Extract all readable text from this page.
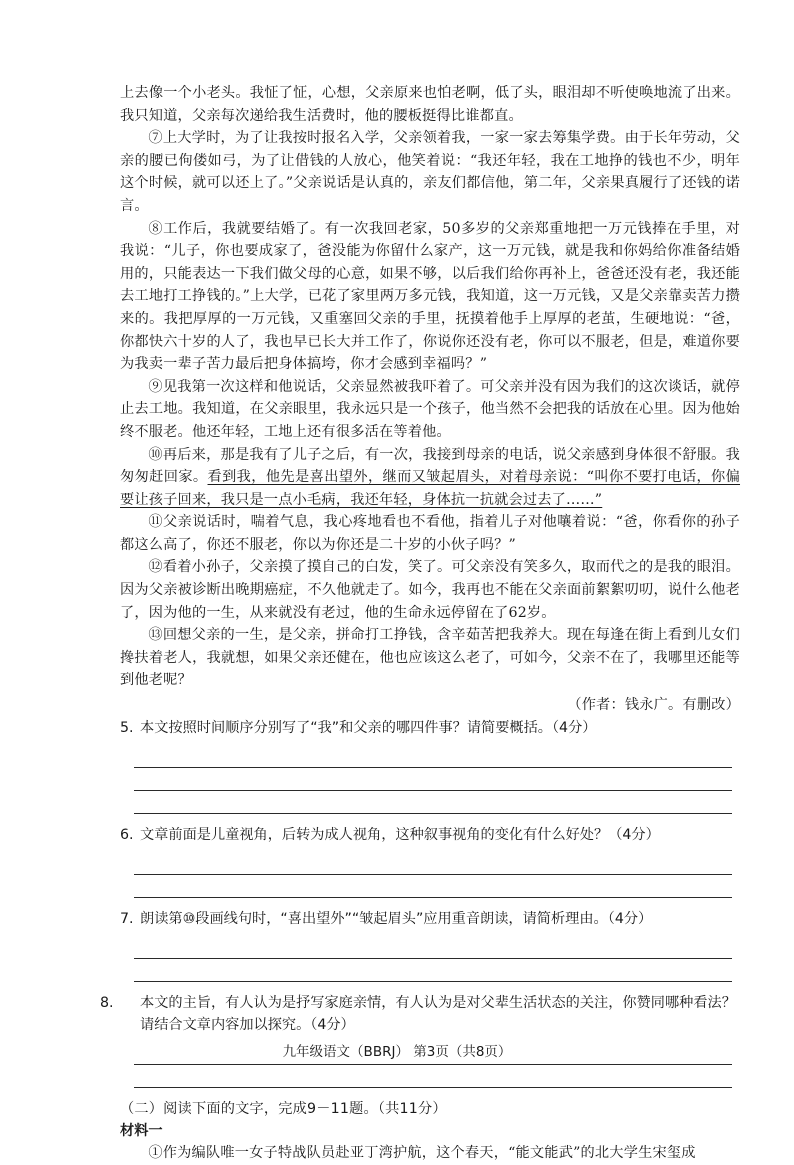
上去像一个小老头。我怔了怔，心想，父亲原来也怕老啊，低了头，眼泪却不听使唤地流了出来。我只知道，父亲每次递给我生活费时，他的腰板挺得比谁都直。

⑦上大学时，为了让我按时报名入学，父亲领着我，一家一家去筹集学费。由于长年劳动，父亲的腰已佝偻如弓，为了让借钱的人放心，他笑着说：“我还年轻，我在工地挣的钱也不少，明年这个时候，就可以还上了。”父亲说话是认真的，亲友们都信他，第二年，父亲果真履行了还钱的诺言。

⑧工作后，我就要结婚了。有一次我回老家，50多岁的父亲郑重地把一万元钱捧在手里，对我说：“儿子，你也要成家了，爸没能为你留什么家产，这一万元钱，就是我和你妈给你准备结婚用的，只能表达一下我们做父母的心意，如果不够，以后我们给你再补上，爸爸还没有老，我还能去工地打工挣钱的。”上大学，已花了家里两万多元钱，我知道，这一万元钱，又是父亲靠卖苦力攒来的。我把厚厚的一万元钱，又重塞回父亲的手里，抚摸着他手上厚厚的老茧，生硬地说：“爸，你都快六十岁的人了，我也早已长大并工作了，你说你还没有老，你可以不服老，但是，难道你要为我卖一辈子苦力最后把身体搞垮，你才会感到幸福吗？”

⑨见我第一次这样和他说话，父亲显然被我吓着了。可父亲并没有因为我们的这次谈话，就停止去工地。我知道，在父亲眼里，我永远只是一个孩子，他当然不会把我的话放在心里。因为他始终不服老。他还年轻，工地上还有很多活在等着他。

⑩再后来，那是我有了儿子之后，有一次，我接到母亲的电话，说父亲感到身体很不舒服。我匆匆赶回家。看到我，他先是喜出望外，继而又皱起眉头，对着母亲说：“叫你不要打电话，你偏要让孩子回来，我只是一点小毛病，我还年轻，身体抗一抗就会过去了……”

⑪父亲说话时，喘着气息，我心疼地看也不看他，指着儿子对他嚷着说：“爸，你看你的孙子都这么高了，你还不服老，你以为你还是二十岁的小伙子吗？”

⑫看着小孙子，父亲摸了摸自己的白发，笑了。可父亲没有笑多久，取而代之的是我的眼泪。因为父亲被诊断出晚期癌症，不久他就走了。如今，我再也不能在父亲面前絮絮叨叨，说什么他老了，因为他的一生，从来就没有老过，他的生命永远停留在了62岁。

⑬回想父亲的一生，是父亲，拼命打工挣钱，含辛茹苦把我养大。现在每逢在街上看到儿女们搀扶着老人，我就想，如果父亲还健在，他也应该这么老了，可如今，父亲不在了，我哪里还能等到他老呢？

（作者：钱永广。有删改）

5. 本文按照时间顺序分别写了“我”和父亲的哪四件事？请简要概括。（4分）
6. 文章前面是儿童视角，后转为成人视角，这种叙事视角的变化有什么好处？（4分）
7. 朗读第⑩段画线句时，“喜出望外”“皱起眉头”应用重音朗读，请简析理由。（4分）
8. 本文的主旨，有人认为是抒写家庭亲情，有人认为是对父辈生活状态的关注，你赞同哪种看法？请结合文章内容加以探究。（4分）

（二）阅读下面的文字，完成9－11题。（共11分）

材料一

①作为编队唯一女子特战队员赴亚丁湾护航，这个春天，“能文能武”的北大学生宋玺成

九年级语文（BBRJ） 第3页（共8页）
